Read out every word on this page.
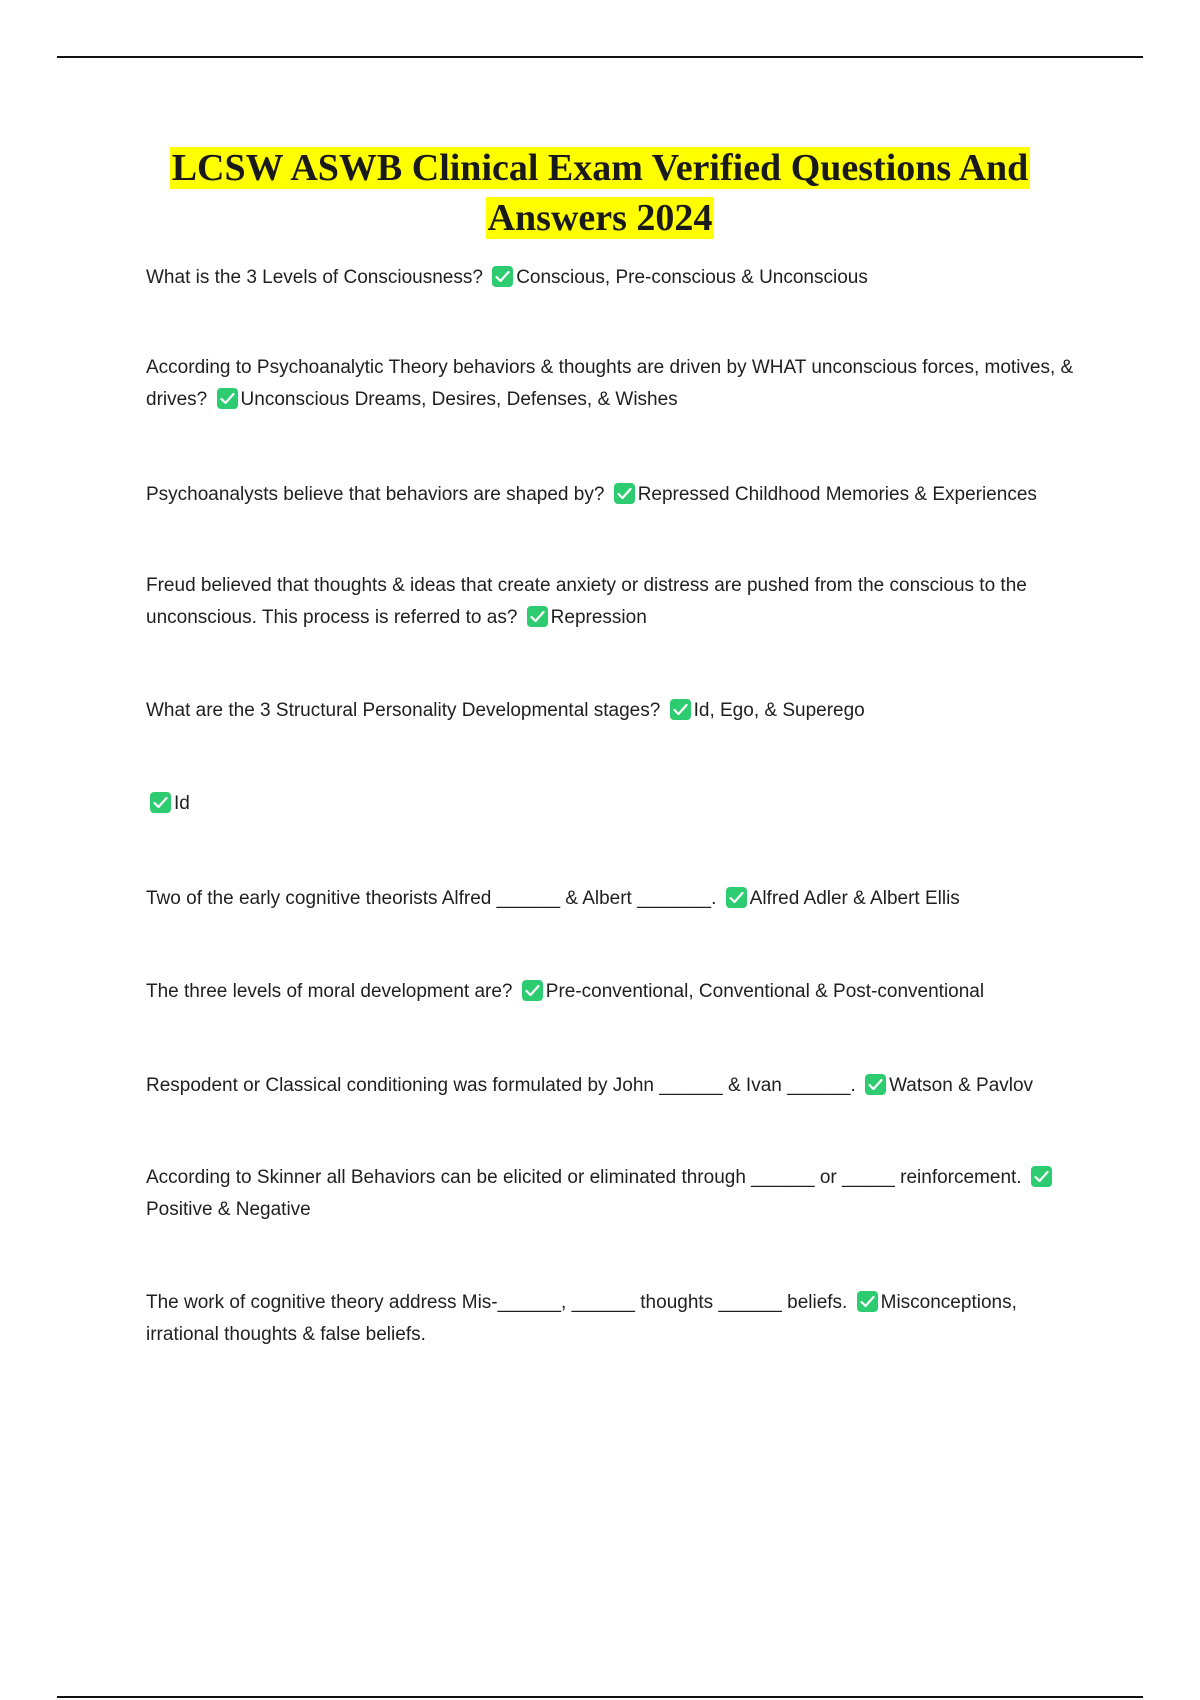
LCSW ASWB Clinical Exam Verified Questions And
Answers 2024

What is the 3 Levels of Consciousness? Conscious, Pre-conscious & Unconscious

According to Psychoanalytic Theory behaviors & thoughts are driven by WHAT unconscious forces, motives, & drives? Unconscious Dreams, Desires, Defenses, & Wishes

Psychoanalysts believe that behaviors are shaped by? Repressed Childhood Memories & Experiences

Freud believed that thoughts & ideas that create anxiety or distress are pushed from the conscious to the unconscious. This process is referred to as? Repression

What are the 3 Structural Personality Developmental stages? Id, Ego, & Superego

Id

Two of the early cognitive theorists Alfred ______ & Albert _______. Alfred Adler & Albert Ellis

The three levels of moral development are? Pre-conventional, Conventional & Post-conventional

Respodent or Classical conditioning was formulated by John ______ & Ivan ______. Watson & Pavlov

According to Skinner all Behaviors can be elicited or eliminated through ______ or _____ reinforcement.
Positive & Negative

The work of cognitive theory address Mis-______, ______ thoughts ______ beliefs. Misconceptions, irrational thoughts & false beliefs.
